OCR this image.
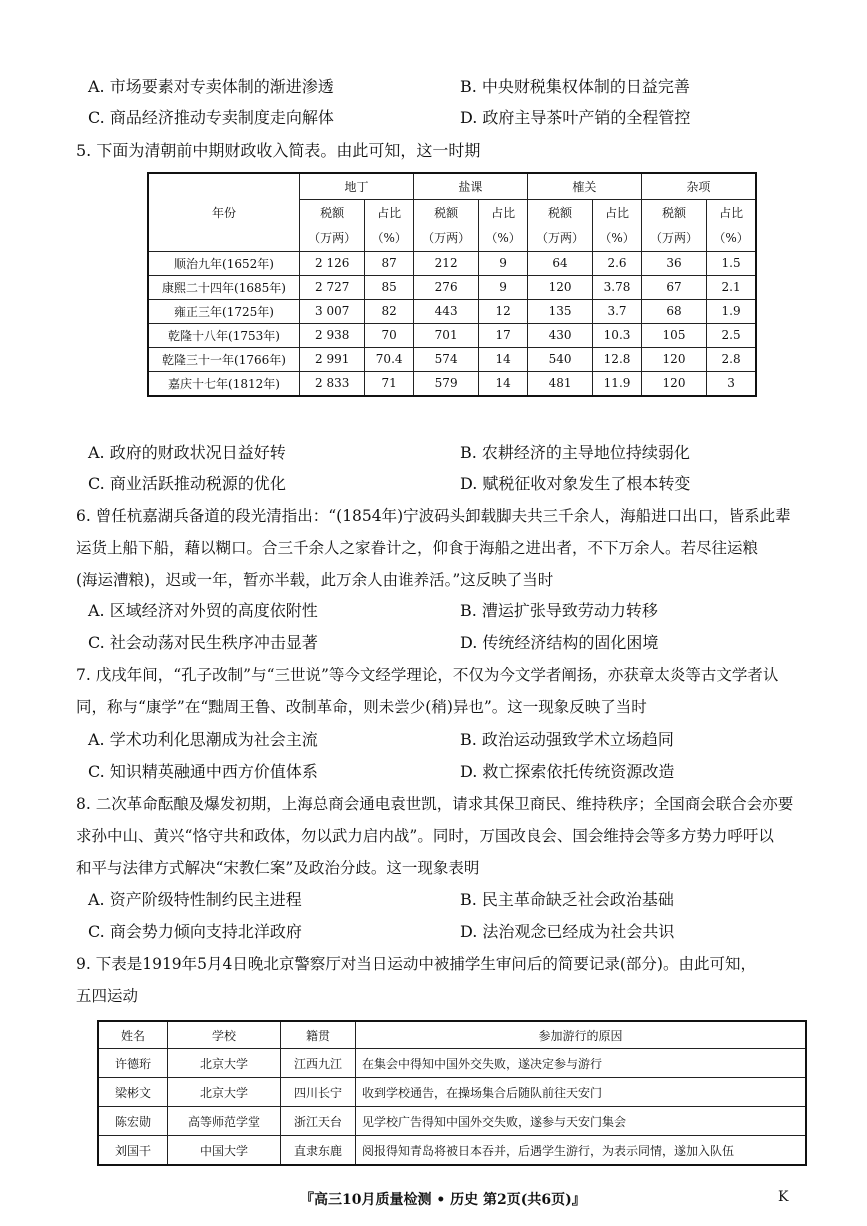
A. 市场要素对专卖体制的渐进渗透	B. 中央财税集权体制的日益完善
C. 商品经济推动专卖制度走向解体	D. 政府主导茶叶产销的全程管控
5. 下面为清朝前中期财政收入简表。由此可知，这一时期
年份	地丁		盐课		榷关		杂项	
	税额	占比	税额	占比	税额	占比	税额	占比
	（万两）	（%）	（万两）	（%）	（万两）	（%）	（万两）	（%）
顺治九年(1652年)	2 126	87	212	9	64	2.6	36	1.5
康熙二十四年(1685年)	2 727	85	276	9	120	3.78	67	2.1
雍正三年(1725年)	3 007	82	443	12	135	3.7	68	1.9
乾隆十八年(1753年)	2 938	70	701	17	430	10.3	105	2.5
乾隆三十一年(1766年)	2 991	70.4	574	14	540	12.8	120	2.8
嘉庆十七年(1812年)	2 833	71	579	14	481	11.9	120	3
A. 政府的财政状况日益好转	B. 农耕经济的主导地位持续弱化
C. 商业活跃推动税源的优化	D. 赋税征收对象发生了根本转变
6. 曾任杭嘉湖兵备道的段光清指出：“(1854年)宁波码头卸载脚夫共三千余人，海船进口出口，皆系此辈
运货上船下船，藉以糊口。合三千余人之家眷计之，仰食于海船之进出者，不下万余人。若尽往运粮
(海运漕粮)，迟或一年，暂亦半载，此万余人由谁养活。”这反映了当时
A. 区域经济对外贸的高度依附性	B. 漕运扩张导致劳动力转移
C. 社会动荡对民生秩序冲击显著	D. 传统经济结构的固化困境
7. 戊戌年间，“孔子改制”与“三世说”等今文经学理论，不仅为今文学者阐扬，亦获章太炎等古文学者认
同，称与“康学”在“黜周王鲁、改制革命，则未尝少(稍)异也”。这一现象反映了当时
A. 学术功利化思潮成为社会主流	B. 政治运动强致学术立场趋同
C. 知识精英融通中西方价值体系	D. 救亡探索依托传统资源改造
8. 二次革命酝酿及爆发初期，上海总商会通电袁世凯，请求其保卫商民、维持秩序；全国商会联合会亦要
求孙中山、黄兴“恪守共和政体，勿以武力启内战”。同时，万国改良会、国会维持会等多方势力呼吁以
和平与法律方式解决“宋教仁案”及政治分歧。这一现象表明
A. 资产阶级特性制约民主进程	B. 民主革命缺乏社会政治基础
C. 商会势力倾向支持北洋政府	D. 法治观念已经成为社会共识
9. 下表是1919年5月4日晚北京警察厅对当日运动中被捕学生审问后的简要记录(部分)。由此可知，
五四运动
姓名	学校	籍贯	参加游行的原因
许德珩	北京大学	江西九江	在集会中得知中国外交失败，遂决定参与游行
梁彬文	北京大学	四川长宁	收到学校通告，在操场集合后随队前往天安门
陈宏勋	高等师范学堂	浙江天台	见学校广告得知中国外交失败，遂参与天安门集会
刘国干	中国大学	直隶东鹿	阅报得知青岛将被日本吞并，后遇学生游行，为表示同情，遂加入队伍
『高三10月质量检测 • 历史 第2页(共6页)』	K
